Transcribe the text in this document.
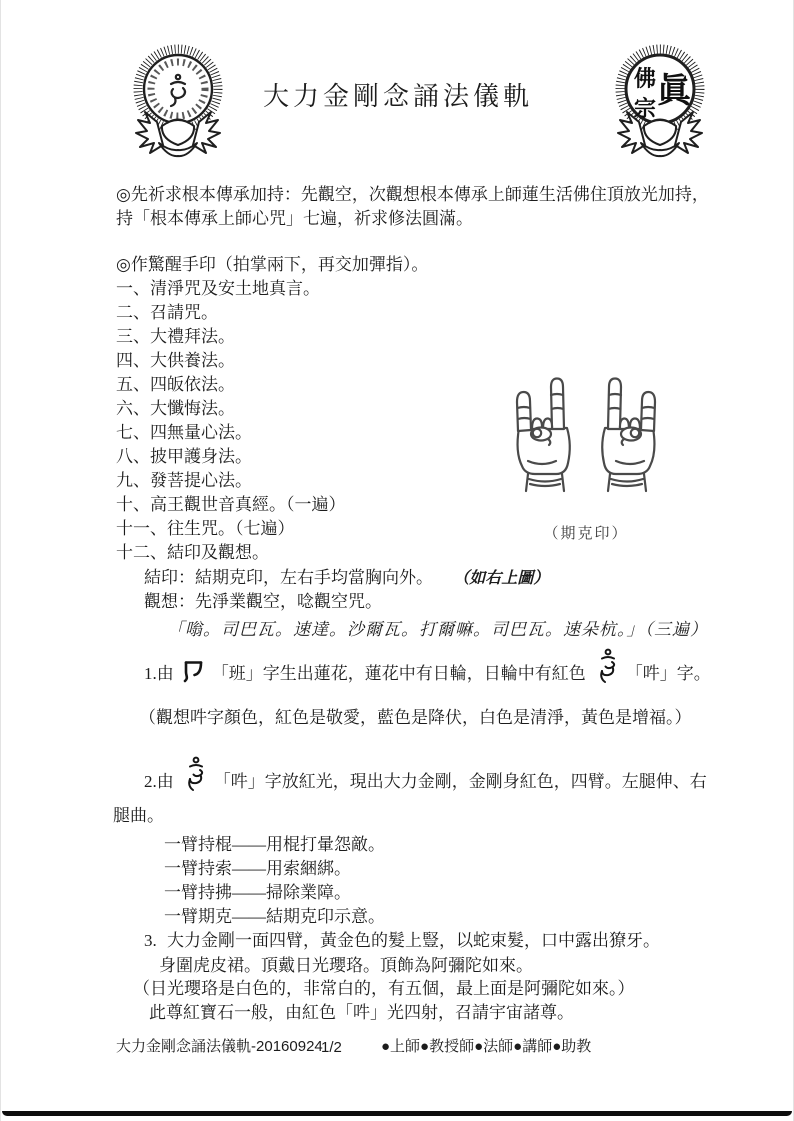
大力金剛念誦法儀軌	眞
佛
宗
◎先祈求根本傳承加持：先觀空，次觀想根本傳承上師蓮生活佛住頂放光加持，
持「根本傳承上師心咒」七遍，祈求修法圓滿。
◎作驚醒手印（拍掌兩下，再交加彈指）。
一、清淨咒及安土地真言。
二、召請咒。
三、大禮拜法。
四、大供養法。
五、四皈依法。
六、大懺悔法。
七、四無量心法。
八、披甲護身法。
九、發菩提心法。
十、高王觀世音真經。（一遍）
十一、往生咒。（七遍）
十二、結印及觀想。
（期克印）
結印：結期克印，左右手均當胸向外。 （如右上圖）
觀想：先淨業觀空，唸觀空咒。
「嗡。司巴瓦。速達。沙爾瓦。打爾嘛。司巴瓦。速朵杭。」（三遍）
1.由 「班」字生出蓮花，蓮花中有日輪，日輪中有紅色 「吽」字。
（觀想吽字顏色，紅色是敬愛，藍色是降伏，白色是清淨，黃色是增福。）
2.由 「吽」字放紅光，現出大力金剛，金剛身紅色，四臂。左腿伸、右
腿曲。
一臂持棍——用棍打暈怨敵。
一臂持索——用索綑綁。
一臂持拂——掃除業障。
一臂期克——結期克印示意。
3. 大力金剛一面四臂，黃金色的髮上豎，以蛇束髮，口中露出獠牙。
身圍虎皮裙。頂戴日光瓔珞。頂飾為阿彌陀如來。
（日光瓔珞是白色的，非常白的，有五個，最上面是阿彌陀如來。）
此尊紅寶石一般，由紅色「吽」光四射，召請宇宙諸尊。
大力金剛念誦法儀軌-20160924
1/2	●上師●教授師●法師●講師●助教
